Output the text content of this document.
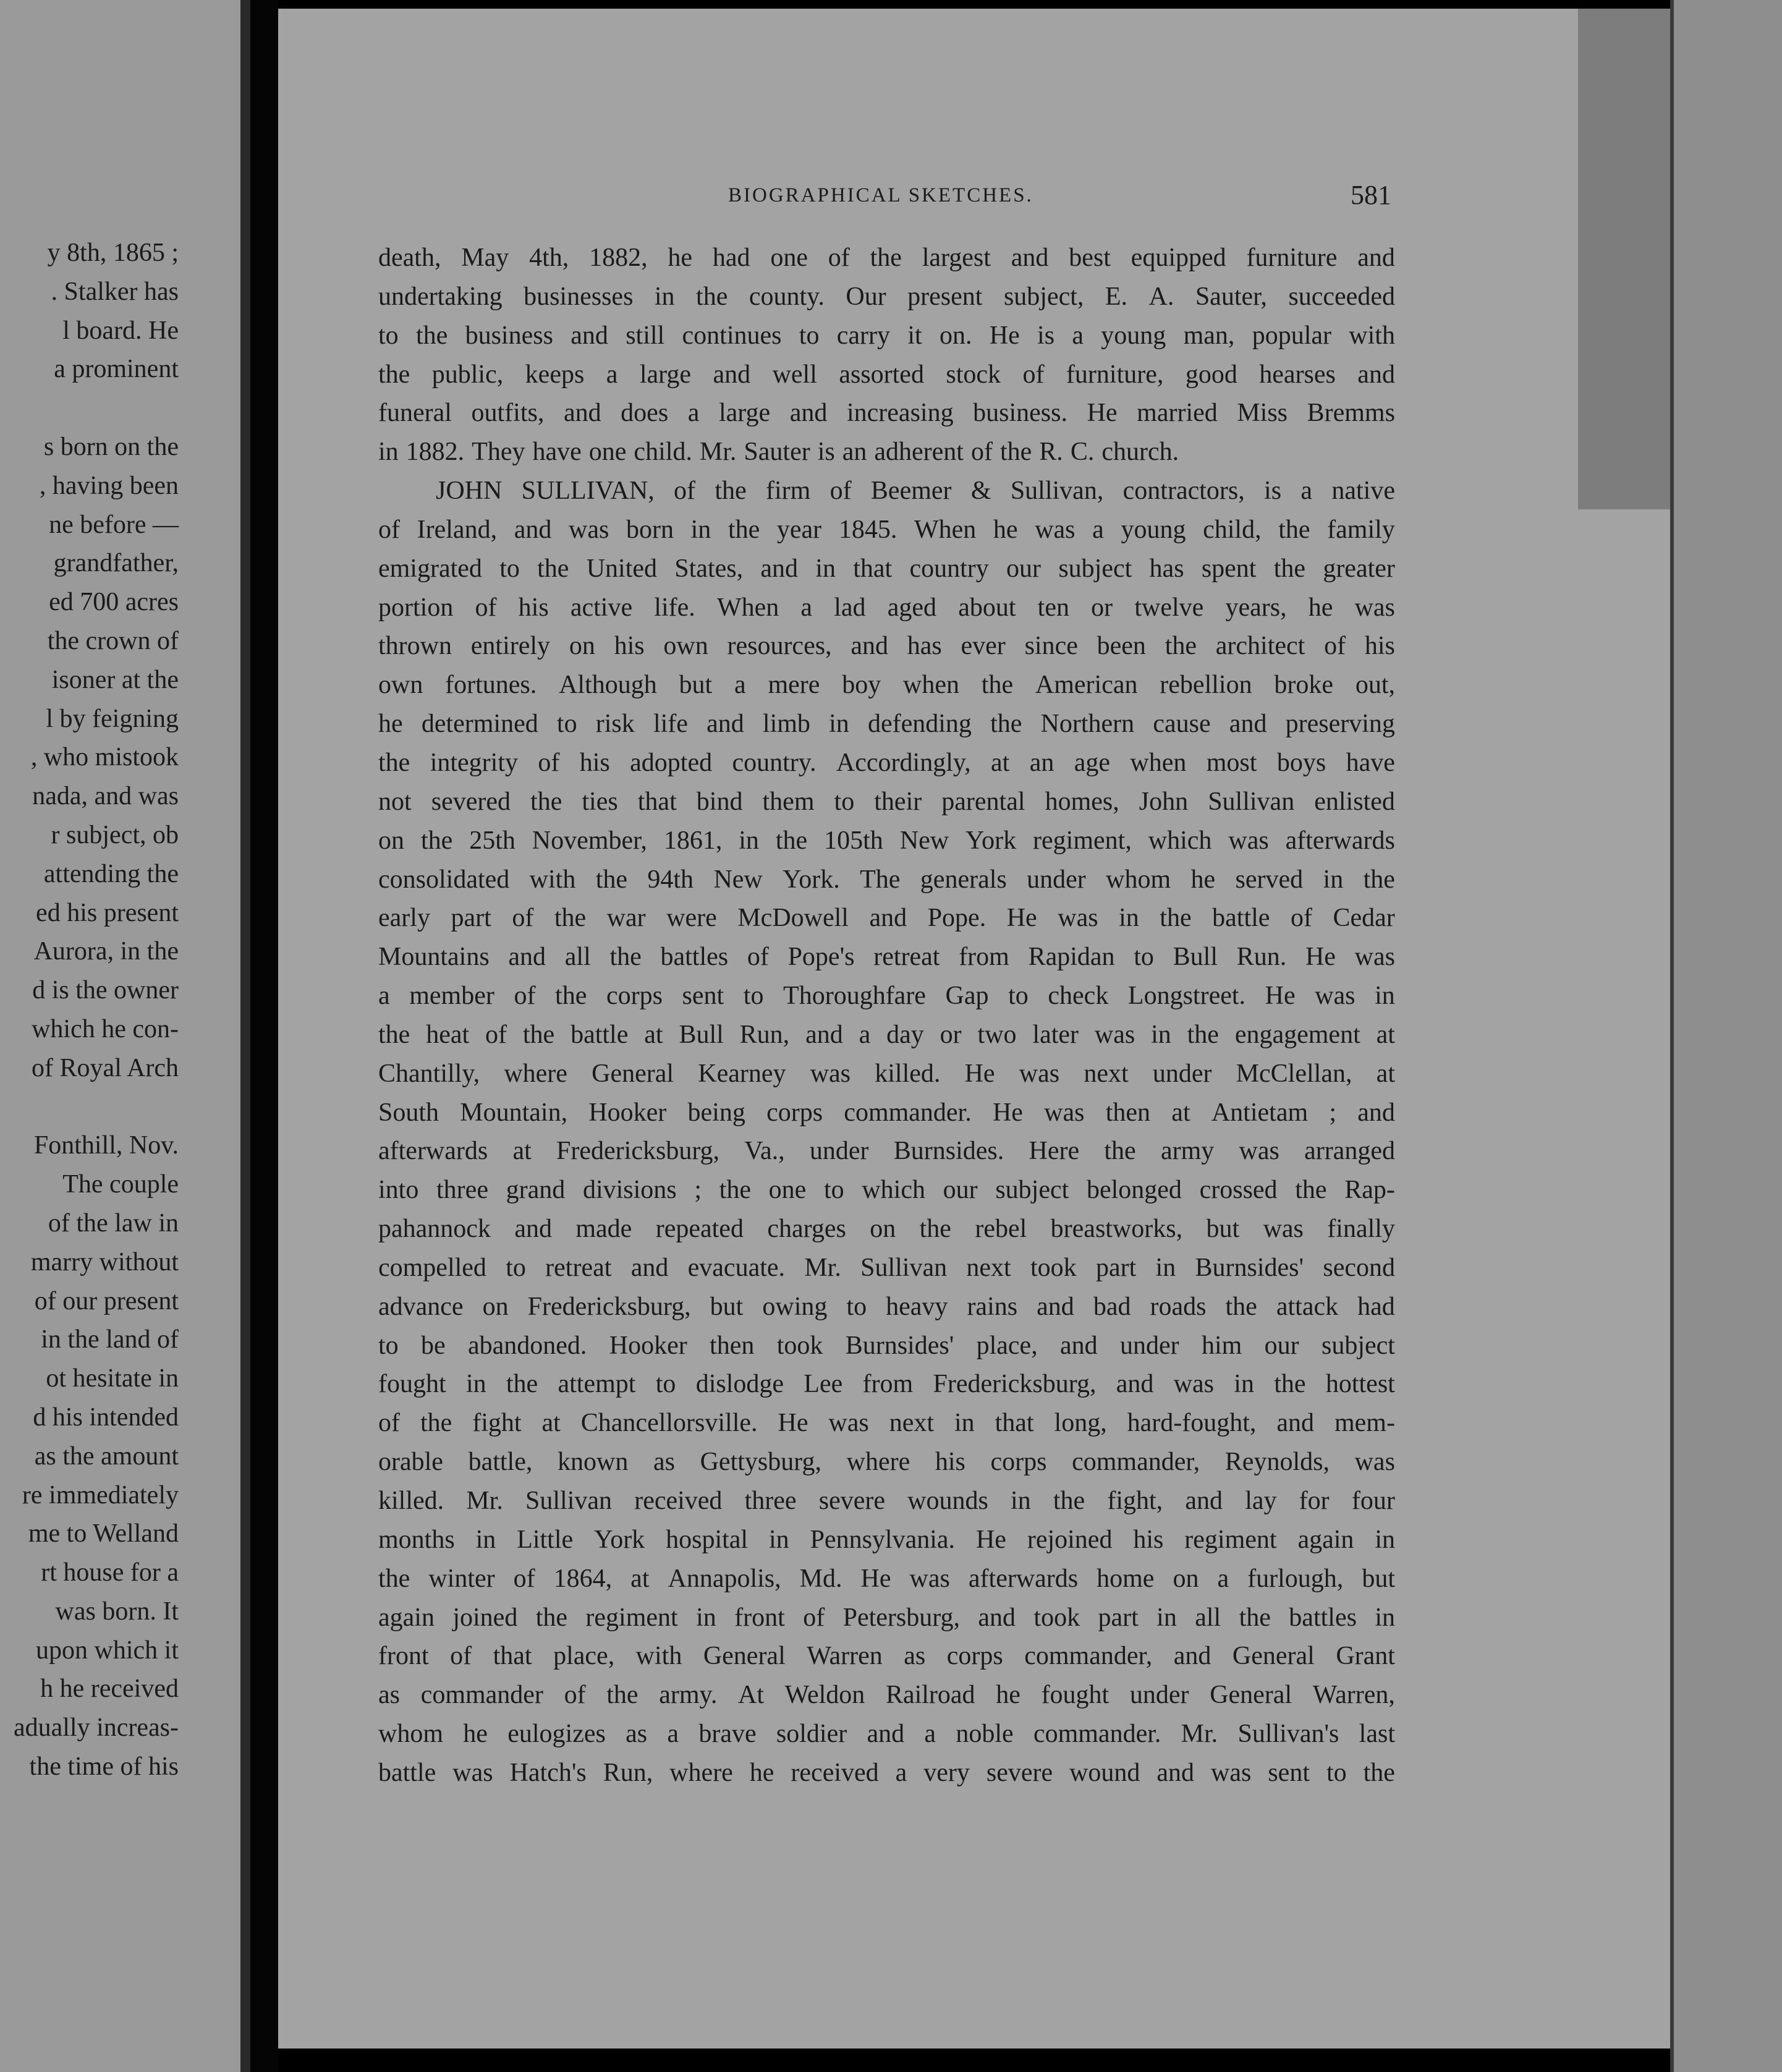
y 8th, 1865 ;
. Stalker has
l board. He
a prominent

s born on the
, having been
ne before —
grandfather,
ed 700 acres
the crown of
isoner at the
l by feigning
, who mistook
nada, and was
r subject, ob
attending the
ed his present
Aurora, in the
d is the owner
which he con-
of Royal Arch

Fonthill, Nov.
The couple
of the law in
marry without
of our present
in the land of
ot hesitate in
d his intended
as the amount
re immediately
me to Welland
rt house for a
was born. It
upon which it
h he received
adually increas-
the time of his
BIOGRAPHICAL SKETCHES.	581
death, May 4th, 1882, he had one of the largest and best equipped furniture and
undertaking businesses in the county. Our present subject, E. A. Sauter, succeeded
to the business and still continues to carry it on. He is a young man, popular with
the public, keeps a large and well assorted stock of furniture, good hearses and
funeral outfits, and does a large and increasing business. He married Miss Bremms
in 1882. They have one child. Mr. Sauter is an adherent of the R. C. church.
JOHN SULLIVAN, of the firm of Beemer & Sullivan, contractors, is a native
of Ireland, and was born in the year 1845. When he was a young child, the family
emigrated to the United States, and in that country our subject has spent the greater
portion of his active life. When a lad aged about ten or twelve years, he was
thrown entirely on his own resources, and has ever since been the architect of his
own fortunes. Although but a mere boy when the American rebellion broke out,
he determined to risk life and limb in defending the Northern cause and preserving
the integrity of his adopted country. Accordingly, at an age when most boys have
not severed the ties that bind them to their parental homes, John Sullivan enlisted
on the 25th November, 1861, in the 105th New York regiment, which was afterwards
consolidated with the 94th New York. The generals under whom he served in the
early part of the war were McDowell and Pope. He was in the battle of Cedar
Mountains and all the battles of Pope's retreat from Rapidan to Bull Run. He was
a member of the corps sent to Thoroughfare Gap to check Longstreet. He was in
the heat of the battle at Bull Run, and a day or two later was in the engagement at
Chantilly, where General Kearney was killed. He was next under McClellan, at
South Mountain, Hooker being corps commander. He was then at Antietam ; and
afterwards at Fredericksburg, Va., under Burnsides. Here the army was arranged
into three grand divisions ; the one to which our subject belonged crossed the Rap-
pahannock and made repeated charges on the rebel breastworks, but was finally
compelled to retreat and evacuate. Mr. Sullivan next took part in Burnsides' second
advance on Fredericksburg, but owing to heavy rains and bad roads the attack had
to be abandoned. Hooker then took Burnsides' place, and under him our subject
fought in the attempt to dislodge Lee from Fredericksburg, and was in the hottest
of the fight at Chancellorsville. He was next in that long, hard-fought, and mem-
orable battle, known as Gettysburg, where his corps commander, Reynolds, was
killed. Mr. Sullivan received three severe wounds in the fight, and lay for four
months in Little York hospital in Pennsylvania. He rejoined his regiment again in
the winter of 1864, at Annapolis, Md. He was afterwards home on a furlough, but
again joined the regiment in front of Petersburg, and took part in all the battles in
front of that place, with General Warren as corps commander, and General Grant
as commander of the army. At Weldon Railroad he fought under General Warren,
whom he eulogizes as a brave soldier and a noble commander. Mr. Sullivan's last
battle was Hatch's Run, where he received a very severe wound and was sent to the
